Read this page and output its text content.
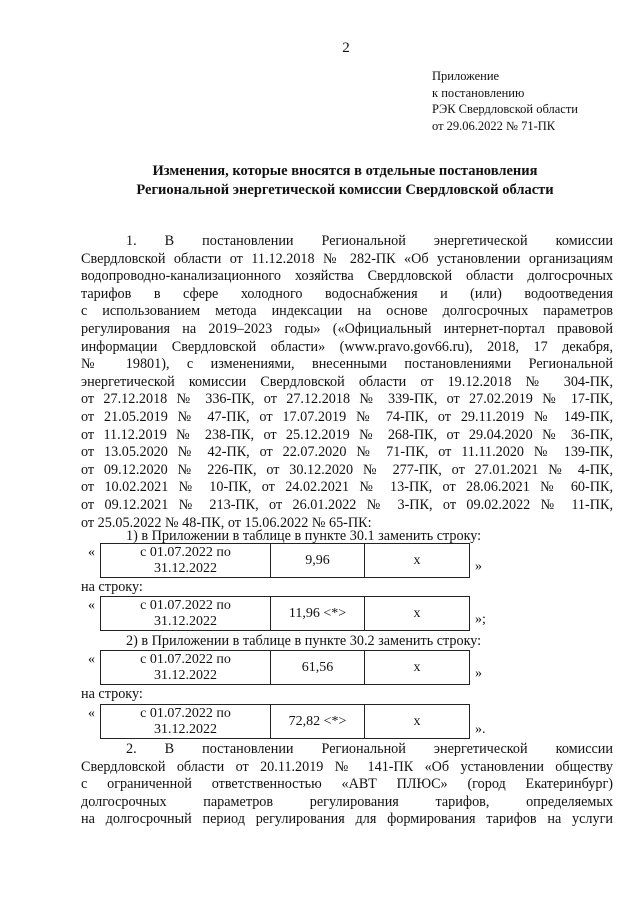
2
Приложение
к постановлению
РЭК Свердловской области
от 29.06.2022 № 71-ПК
Изменения, которые вносятся в отдельные постановления
Региональной энергетической комиссии Свердловской области
1. В постановлении Региональной энергетической комиссии
Свердловской области от 11.12.2018 № 282-ПК «Об установлении организациям
водопроводно-канализационного хозяйства Свердловской области долгосрочных
тарифов в сфере холодного водоснабжения и (или) водоотведения
с использованием метода индексации на основе долгосрочных параметров
регулирования на 2019–2023 годы» («Официальный интернет-портал правовой
информации Свердловской области» (www.pravo.gov66.ru), 2018, 17 декабря,
№ 19801), с изменениями, внесенными постановлениями Региональной
энергетической комиссии Свердловской области от 19.12.2018 № 304-ПК,
от 27.12.2018 № 336-ПК, от 27.12.2018 № 339-ПК, от 27.02.2019 № 17-ПК,
от 21.05.2019 № 47-ПК, от 17.07.2019 № 74-ПК, от 29.11.2019 № 149-ПК,
от 11.12.2019 № 238-ПК, от 25.12.2019 № 268-ПК, от 29.04.2020 № 36-ПК,
от 13.05.2020 № 42-ПК, от 22.07.2020 № 71-ПК, от 11.11.2020 № 139-ПК,
от 09.12.2020 № 226-ПК, от 30.12.2020 № 277-ПК, от 27.01.2021 № 4-ПК,
от 10.02.2021 № 10-ПК, от 24.02.2021 № 13-ПК, от 28.06.2021 № 60-ПК,
от 09.12.2021 № 213-ПК, от 26.01.2022 № 3-ПК, от 09.02.2022 № 11-ПК,
от 25.05.2022 № 48-ПК, от 15.06.2022 № 65-ПК:
1) в Приложении в таблице в пункте 30.1 заменить строку:
«	с 01.07.2022 по
31.12.2022
	9,96	x	»
на строку:
«	с 01.07.2022 по
31.12.2022
	11,96 <*>	x	»;
2) в Приложении в таблице в пункте 30.2 заменить строку:
«	с 01.07.2022 по
31.12.2022
	61,56	x	»
на строку:
«	с 01.07.2022 по
31.12.2022
	72,82 <*>	x
».
2. В постановлении Региональной энергетической комиссии
Свердловской области от 20.11.2019 № 141-ПК «Об установлении обществу
с ограниченной ответственностью «АВТ ПЛЮС» (город Екатеринбург)
долгосрочных параметров регулирования тарифов, определяемых
на долгосрочный период регулирования для формирования тарифов на услуги
